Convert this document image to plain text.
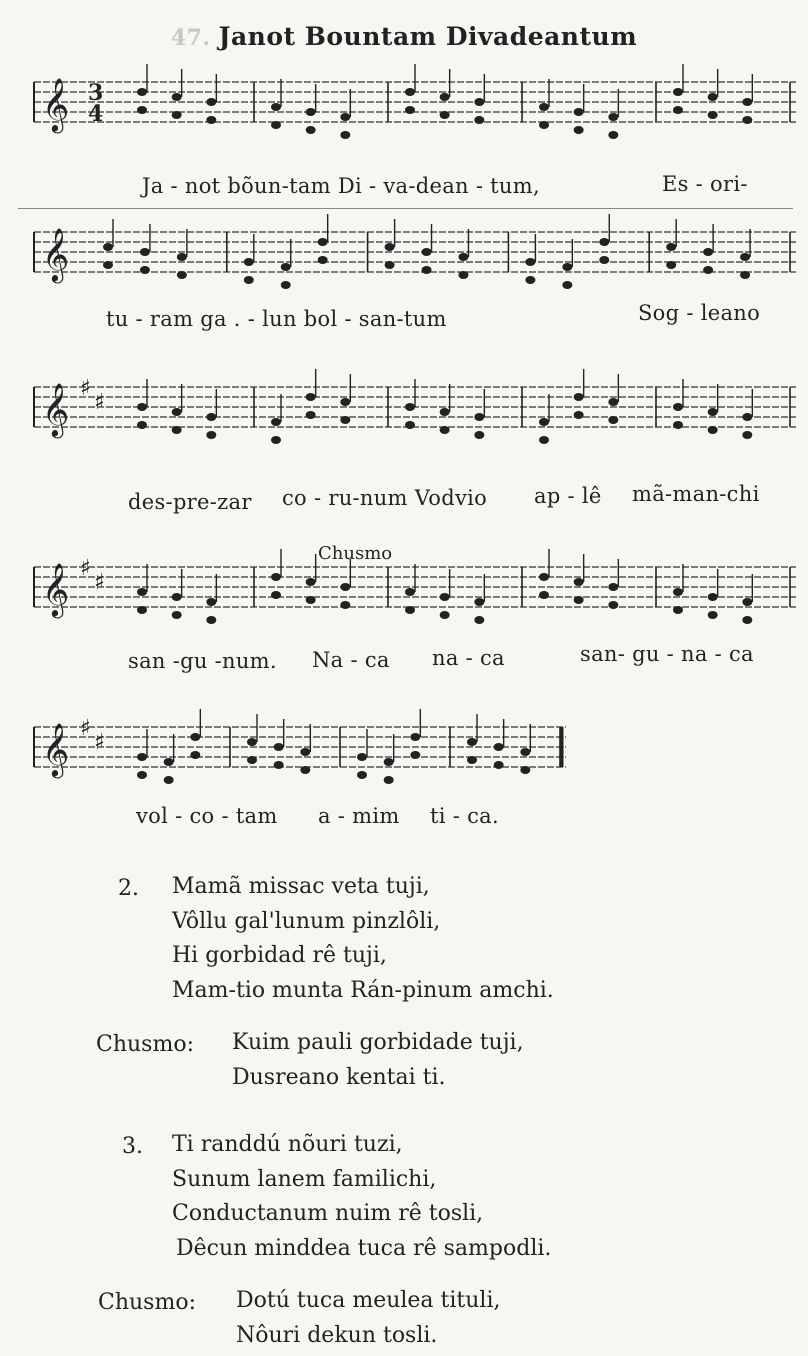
47. Janot Bountam Divadeantum
𝄞 3
4
𝄞
𝄞 ♯
♯
𝄞 ♯
♯
𝄞 ♯
♯
Ja - not bõun-tam Di - va-dean - tum,	Es - ori-
tu - ram ga . - lun bol - san-tum	Sog - leano
des-pre-zar co - ru-num Vodvio ap - lê mã-man-chi
Chusmo
san -gu -num. Na - ca na - ca	san- gu - na - ca
vol - co - tam a - mim ti - ca.
2. Mamã missac veta tuji,
Vôllu gal'lunum pinzlôli,
Hi gorbidad rê tuji,
Mam-tio munta Rán-pinum amchi.
Chusmo: Kuim pauli gorbidade tuji,
Dusreano kentai ti.
3. Ti randdú nõuri tuzi,
Sunum lanem familichi,
Conductanum nuim rê tosli,
Dêcun minddea tuca rê sampodli.
Chusmo: Dotú tuca meulea tituli,
Nôuri dekun tosli.
